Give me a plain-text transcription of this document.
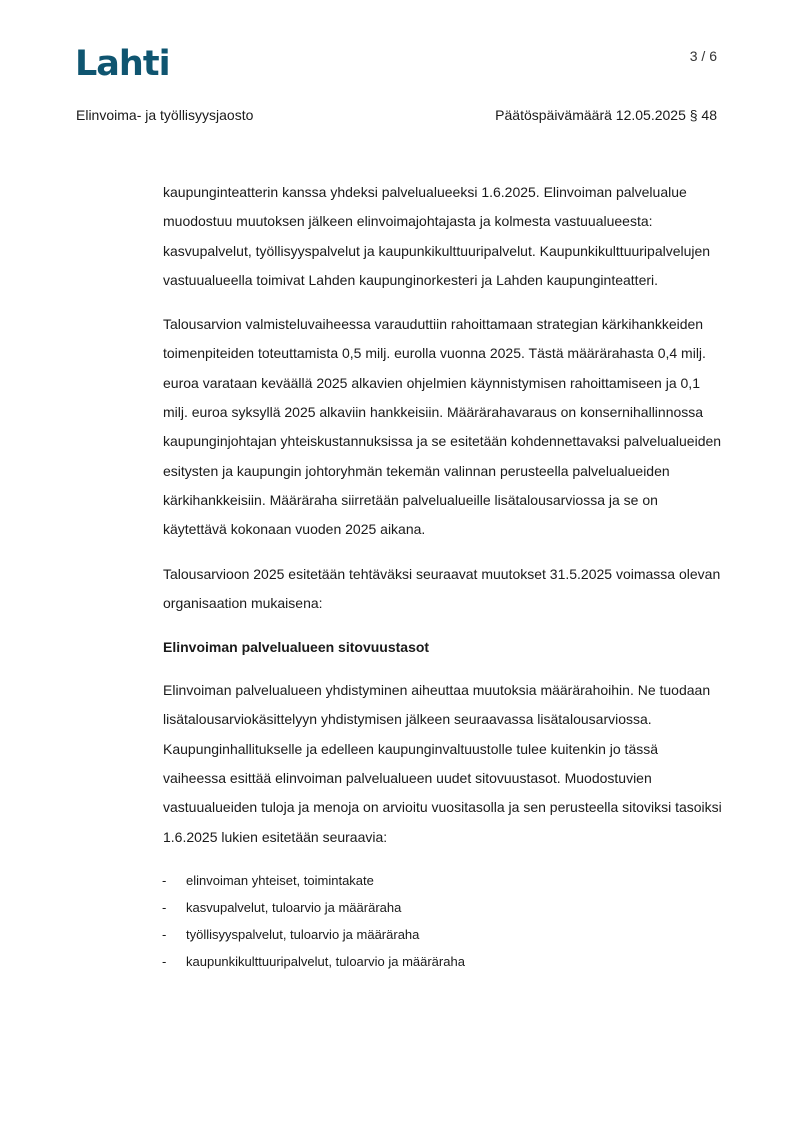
Lahti	3 / 6
Elinvoima- ja työllisyysjaosto	Päätöspäivämäärä 12.05.2025 § 48

kaupunginteatterin kanssa yhdeksi palvelualueeksi 1.6.2025. Elinvoiman palvelualue muodostuu muutoksen jälkeen elinvoimajohtajasta ja kolmesta vastuualueesta: kasvupalvelut, työllisyyspalvelut ja kaupunkikulttuuripalvelut. Kaupunkikulttuuripalvelujen vastuualueella toimivat Lahden kaupunginorkesteri ja Lahden kaupunginteatteri.

Talousarvion valmisteluvaiheessa varauduttiin rahoittamaan strategian kärkihankkeiden toimenpiteiden toteuttamista 0,5 milj. eurolla vuonna 2025. Tästä määrärahasta 0,4 milj. euroa varataan keväällä 2025 alkavien ohjelmien käynnistymisen rahoittamiseen ja 0,1 milj. euroa syksyllä 2025 alkaviin hankkeisiin. Määrärahavaraus on konsernihallinnossa kaupunginjohtajan yhteiskustannuksissa ja se esitetään kohdennettavaksi palvelualueiden esitysten ja kaupungin johtoryhmän tekemän valinnan perusteella palvelualueiden kärkihankkeisiin. Määräraha siirretään palvelualueille lisätalousarviossa ja se on käytettävä kokonaan vuoden 2025 aikana.

Talousarvioon 2025 esitetään tehtäväksi seuraavat muutokset 31.5.2025 voimassa olevan organisaation mukaisena:

Elinvoiman palvelualueen sitovuustasot

Elinvoiman palvelualueen yhdistyminen aiheuttaa muutoksia määrärahoihin. Ne tuodaan lisätalousarviokäsittelyyn yhdistymisen jälkeen seuraavassa lisätalousarviossa. Kaupunginhallitukselle ja edelleen kaupunginvaltuustolle tulee kuitenkin jo tässä vaiheessa esittää elinvoiman palvelualueen uudet sitovuustasot. Muodostuvien vastuualueiden tuloja ja menoja on arvioitu vuositasolla ja sen perusteella sitoviksi tasoiksi 1.6.2025 lukien esitetään seuraavia:

- elinvoiman yhteiset, toimintakate
- kasvupalvelut, tuloarvio ja määräraha
- työllisyyspalvelut, tuloarvio ja määräraha
- kaupunkikulttuuripalvelut, tuloarvio ja määräraha
